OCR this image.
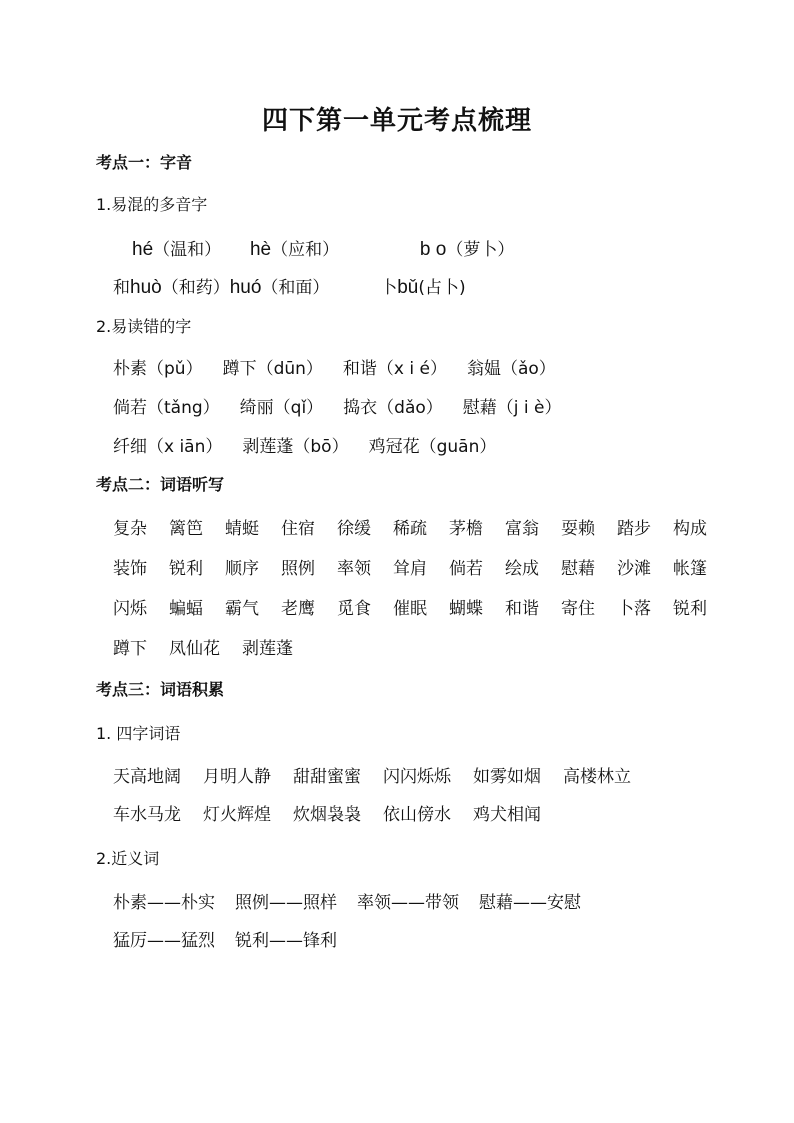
四下第一单元考点梳理
考点一：字音
1.易混的多音字
hé（温和） hè（应和）	b o（萝卜）
和huò（和药）huó（和面）	卜bǔ(占卜)
2.易读错的字
朴素（pǔ） 蹲下（dūn） 和谐（x i é） 翁媪（ǎo）
倘若（tǎng） 绮丽（qǐ） 捣衣（dǎo） 慰藉（j i è）
纤细（x iān） 剥莲蓬（bō） 鸡冠花（guān）
考点二：词语听写
复杂 篱笆 蜻蜓 住宿 徐缓 稀疏 茅檐 富翁 耍赖 踏步 构成
装饰 锐利 顺序 照例 率领 耸肩 倘若 绘成 慰藉 沙滩 帐篷
闪烁 蝙蝠 霸气 老鹰 觅食 催眠 蝴蝶 和谐 寄住 卜落 锐利
蹲下 凤仙花 剥莲蓬
考点三：词语积累
1. 四字词语
天高地阔 月明人静 甜甜蜜蜜 闪闪烁烁 如雾如烟 高楼林立
车水马龙 灯火辉煌 炊烟袅袅 依山傍水 鸡犬相闻
2.近义词
朴素——朴实 照例——照样 率领——带领 慰藉——安慰
猛厉——猛烈 锐利——锋利
